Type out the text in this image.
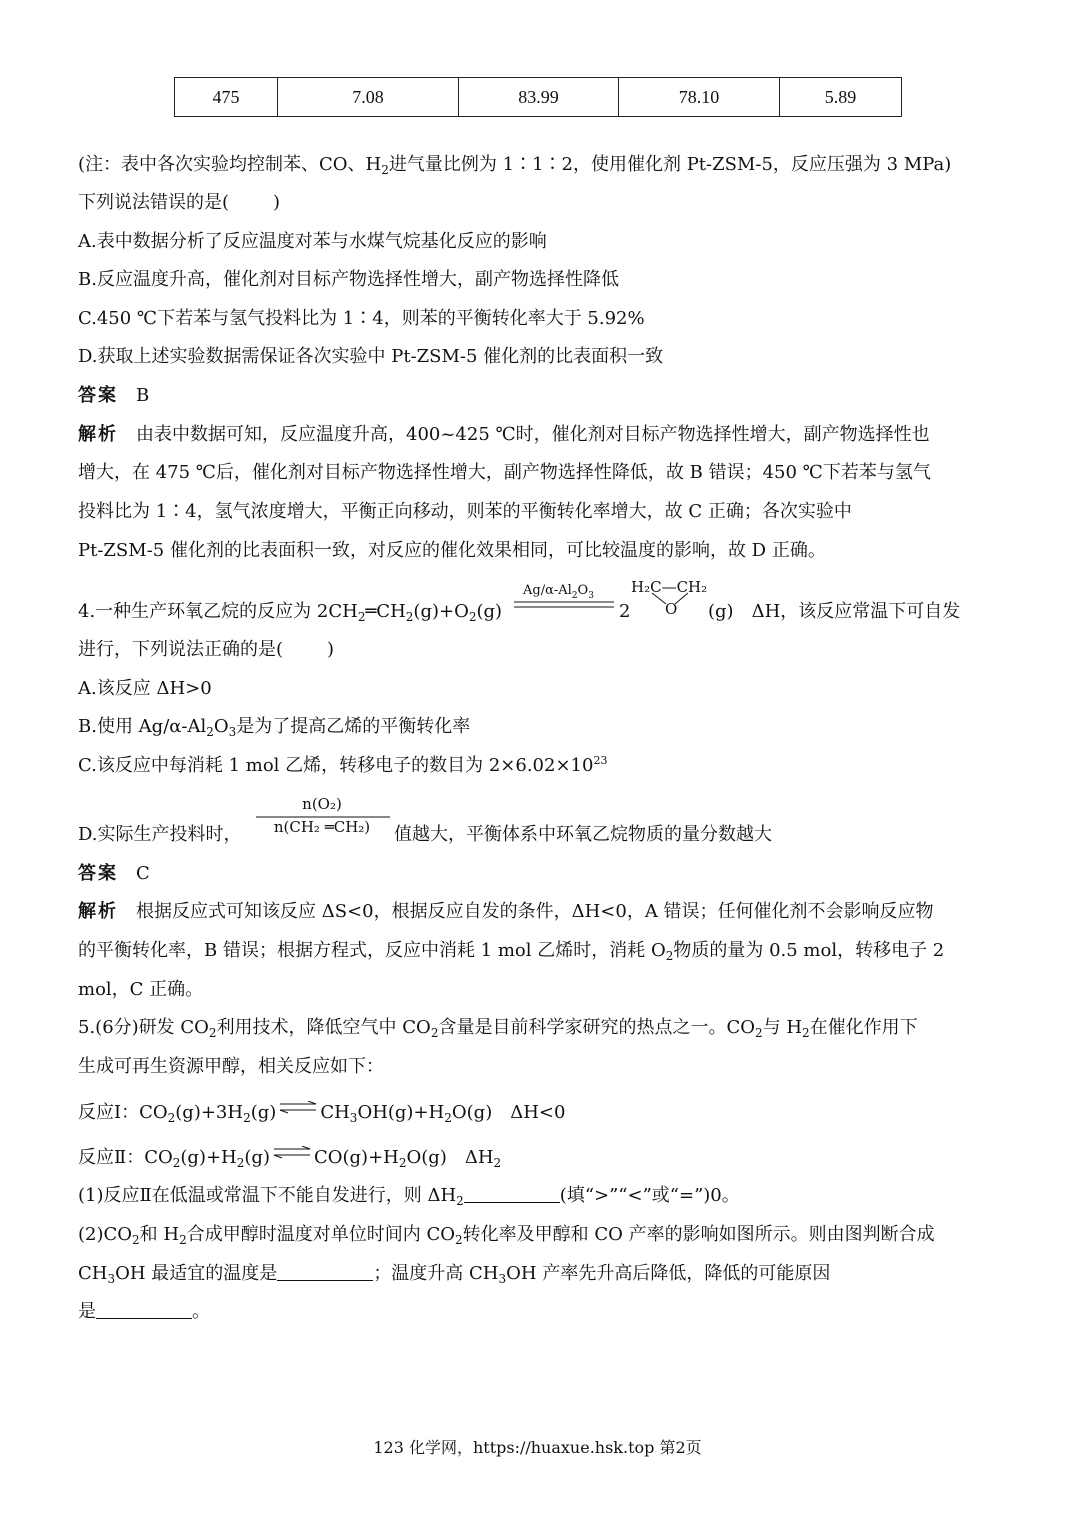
475	7.08	83.99	78.10	5.89
(注：表中各次实验均控制苯、CO、$H_2$进气量比例为 1∶1∶2，使用催化剂 Pt-ZSM-5，反应压强为 3 MPa)
下列说法错误的是( )
A.表中数据分析了反应温度对苯与水煤气烷基化反应的影响
B.反应温度升高，催化剂对目标产物选择性增大，副产物选择性降低
C.450 ℃下若苯与氢气投料比为 1∶4，则苯的平衡转化率大于 5.92%
D.获取上述实验数据需保证各次实验中 Pt-ZSM-5 催化剂的比表面积一致
答案　 B
解析　 由表中数据可知，反应温度升高，400~425 ℃时，催化剂对目标产物选择性增大，副产物选择性也
增大，在 475 ℃后，催化剂对目标产物选择性增大，副产物选择性降低，故 B 错误；450 ℃下若苯与氢气
投料比为 1∶4，氢气浓度增大，平衡正向移动，则苯的平衡转化率增大，故 C 正确；各次实验中
Pt-ZSM-5 催化剂的比表面积一致，对反应的催化效果相同，可比较温度的影响，故 D 正确。
4.一种生产环氧乙烷的反应为 $2CH_2═CH_2(g)+O_2(g)$
$Ag/\alpha-Al_2O_3$
2
H₂C—CH₂
O (g)　ΔH，该反应常温下可自发
进行，下列说法正确的是( )
A.该反应 ΔH>0
B.使用 $Ag/\alpha-Al_2O_3$是为了提高乙烯的平衡转化率
C.该反应中每消耗 1 mol 乙烯，转移电子的数目为 $2\times 6.02\times 10^{23}$
n(O₂)
n(CH₂ ═CH₂)
D.实际生产投料时，	值越大，平衡体系中环氧乙烷物质的量分数越大
答案　 C
解析　 根据反应式可知该反应 ΔS<0，根据反应自发的条件，ΔH<0，A 错误；任何催化剂不会影响反应物
的平衡转化率，B 错误；根据方程式，反应中消耗 1 mol 乙烯时，消耗 $O_2$物质的量为 0.5 mol，转移电子 2
mol，C 正确。
5.(6分)研发 $CO_2$利用技术，降低空气中 $CO_2$含量是目前科学家研究的热点之一。$CO_2$与 $H_2$在催化作用下
生成可再生资源甲醇，相关反应如下：
反应Ⅰ：$CO_2(g)+3H_2(g)$ ⇌ $CH_3OH(g)+H_2O(g)$　ΔH<0
反应Ⅱ：$CO_2(g)+H_2(g)$ ⇌ $CO(g)+H_2O(g)$　$\Delta H_2$
(1)反应Ⅱ在低温或常温下不能自发进行，则 $\Delta H_2$	(填“>”“<”或“=”)0。
$(2)CO_2$和 $H_2$合成甲醇时温度对单位时间内 $CO_2$转化率及甲醇和 CO 产率的影响如图所示。则由图判断合成
$CH_3OH$ 最适宜的温度是	；温度升高 $CH_3OH$ 产率先升高后降低，降低的可能原因
是	。
123 化学网，https://huaxue.hsk.top 第2页
